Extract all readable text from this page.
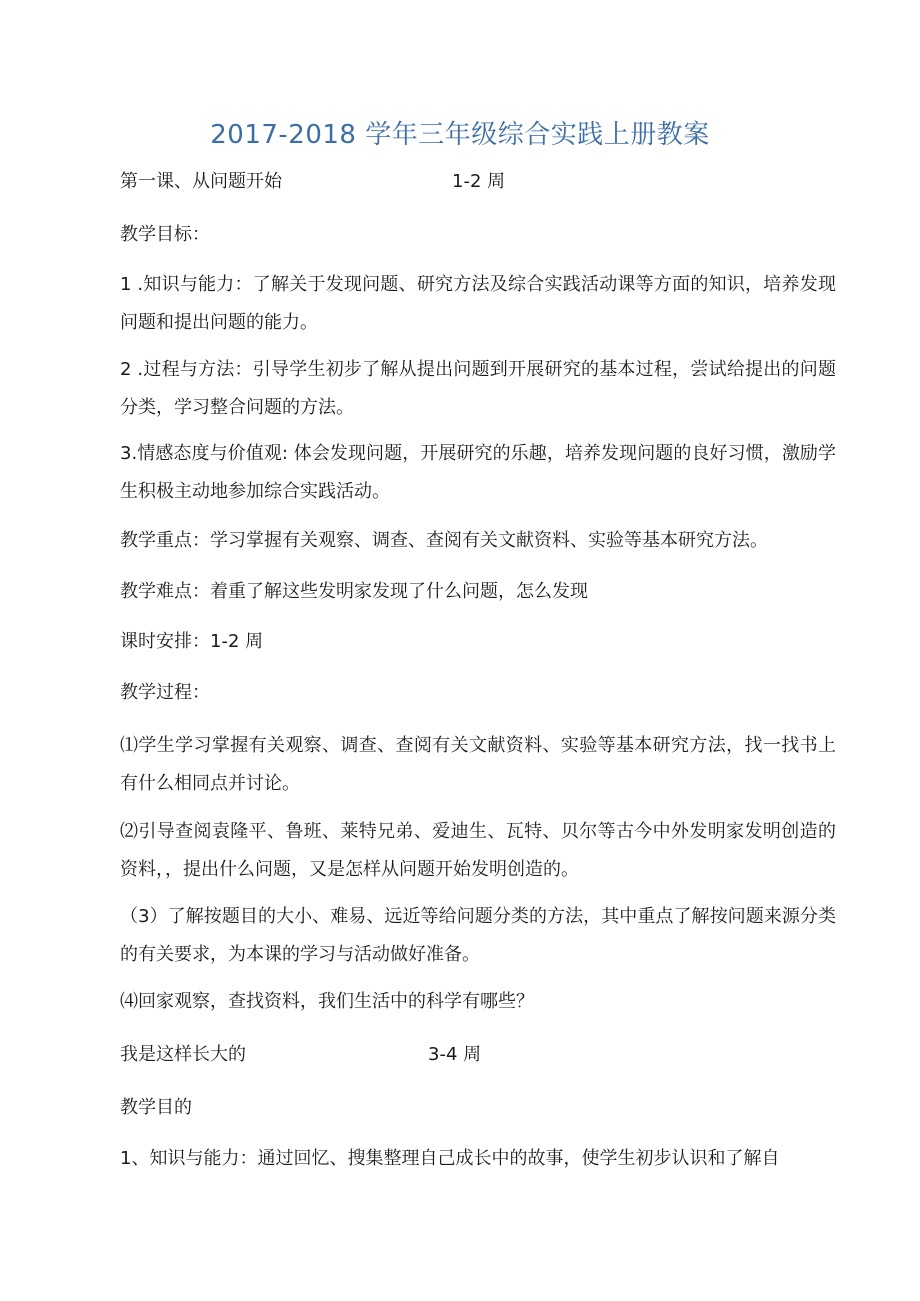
2017-2018 学年三年级综合实践上册教案
第一课、从问题开始	1-2 周
教学目标：
1 .知识与能力：了解关于发现问题、研究方法及综合实践活动课等方面的知识，培养发现问题和提出问题的能力。
2 .过程与方法：引导学生初步了解从提出问题到开展研究的基本过程，尝试给提出的问题分类，学习整合问题的方法。
3.情感态度与价值观: 体会发现问题，开展研究的乐趣，培养发现问题的良好习惯，激励学生积极主动地参加综合实践活动。
教学重点：学习掌握有关观察、调查、查阅有关文献资料、实验等基本研究方法。
教学难点：着重了解这些发明家发现了什么问题，怎么发现
课时安排：1-2 周
教学过程：
⑴学生学习掌握有关观察、调查、查阅有关文献资料、实验等基本研究方法，找一找书上有什么相同点并讨论。
⑵引导查阅袁隆平、鲁班、莱特兄弟、爱迪生、瓦特、贝尔等古今中外发明家发明创造的资料，，提出什么问题，又是怎样从问题开始发明创造的。
（3）了解按题目的大小、难易、远近等给问题分类的方法，其中重点了解按问题来源分类的有关要求，为本课的学习与活动做好准备。
⑷回家观察，查找资料，我们生活中的科学有哪些？
我是这样长大的	3-4 周
教学目的
1、知识与能力：通过回忆、搜集整理自己成长中的故事，使学生初步认识和了解自
